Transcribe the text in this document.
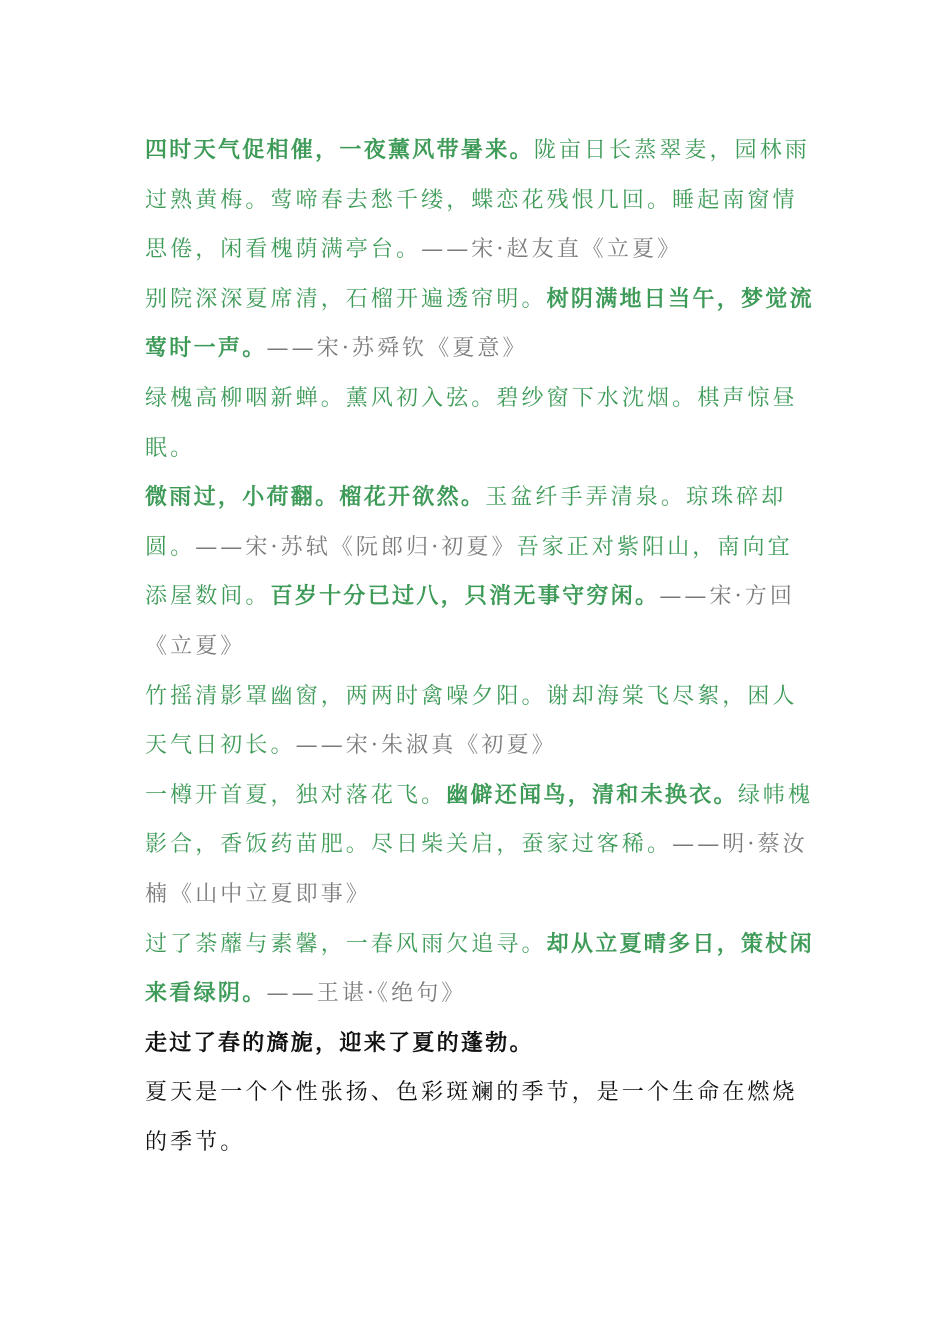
四时天气促相催，一夜薰风带暑来。陇亩日长蒸翠麦，园林雨过熟黄梅。莺啼春去愁千缕，蝶恋花残恨几回。睡起南窗情思倦，闲看槐荫满亭台。——宋·赵友直《立夏》

别院深深夏席清，石榴开遍透帘明。树阴满地日当午，梦觉流莺时一声。——宋·苏舜钦《夏意》

绿槐高柳咽新蝉。薰风初入弦。碧纱窗下水沈烟。棋声惊昼眠。

微雨过，小荷翻。榴花开欲然。玉盆纤手弄清泉。琼珠碎却圆。——宋·苏轼《阮郎归·初夏》吾家正对紫阳山，南向宜添屋数间。百岁十分已过八，只消无事守穷闲。——宋·方回《立夏》

竹摇清影罩幽窗，两两时禽噪夕阳。谢却海棠飞尽絮，困人天气日初长。——宋·朱淑真《初夏》

一樽开首夏，独对落花飞。幽僻还闻鸟，清和未换衣。绿帏槐影合，香饭药苗肥。尽日柴关启，蚕家过客稀。——明·蔡汝楠《山中立夏即事》

过了荼蘼与素馨，一春风雨欠追寻。却从立夏晴多日，策杖闲来看绿阴。——王谌·《绝句》

走过了春的旖旎，迎来了夏的蓬勃。

夏天是一个个性张扬、色彩斑斓的季节，是一个生命在燃烧的季节。
